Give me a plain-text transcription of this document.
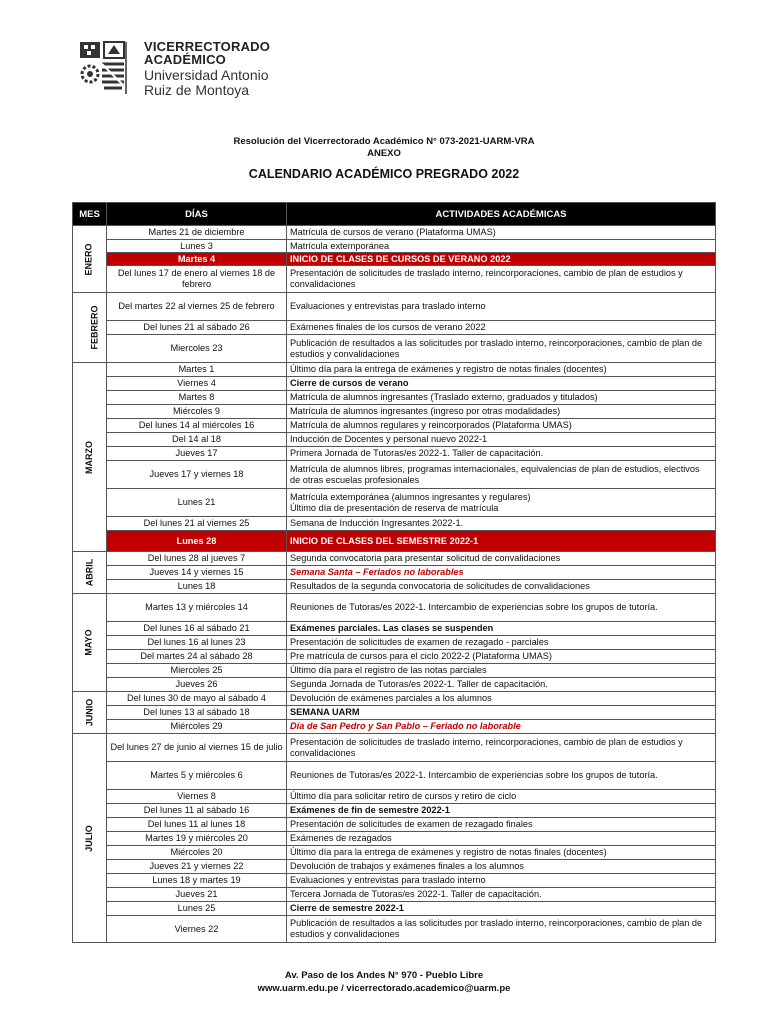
VICERRECTORADO
ACADÉMICO
Universidad Antonio
Ruiz de Montoya
Resolución del Vicerrectorado Académico N° 073-2021-UARM-VRA
ANEXO
CALENDARIO ACADÉMICO PREGRADO 2022
MES	DÍAS	ACTIVIDADES ACADÉMICAS
ENERO	Martes 21 de diciembre	Matrícula de cursos de verano (Plataforma UMAS)
	Lunes 3	Matrícula extemporánea
	Martes 4	INICIO DE CLASES DE CURSOS DE VERANO 2022
	Del lunes 17 de enero al viernes 18 de febrero	Presentación de solicitudes de traslado interno, reincorporaciones, cambio de plan de estudios y convalidaciones
FEBRERO	Del martes 22 al viernes 25 de febrero	Evaluaciones y entrevistas para traslado interno
	Del lunes 21 al sábado 26	Exámenes finales de los cursos de verano 2022
	Miercoles 23	Publicación de resultados a las solicitudes por traslado interno, reincorporaciones, cambio de plan de estudios y convalidaciones
MARZO	Martes 1	Último día para la entrega de exámenes y registro de notas finales (docentes)
	Viernes 4	Cierre de cursos de verano
	Martes 8	Matrícula de alumnos ingresantes (Traslado externo, graduados y titulados)
	Miércoles 9	Matrícula de alumnos ingresantes (ingreso por otras modalidades)
	Del lunes 14 al miércoles 16	Matrícula de alumnos regulares y reincorporados (Plataforma UMAS)
	Del 14 al 18	Inducción de Docentes y personal nuevo 2022-1
	Jueves 17	Primera Jornada de Tutoras/es 2022-1. Taller de capacitación.
	Jueves 17 y viernes 18	Matrícula de alumnos libres, programas internacionales, equivalencias de plan de estudios, electivos de otras escuelas profesionales
	Lunes 21	Matrícula extemporánea (alumnos ingresantes y regulares)
Último día de presentación de reserva de matrícula
	Del lunes 21 al viernes 25	Semana de Inducción Ingresantes 2022-1.
	Lunes 28	INICIO DE CLASES DEL SEMESTRE 2022-1
ABRIL	Del lunes 28 al jueves 7	Segunda convocatoria para presentar solicitud de convalidaciones
	Jueves 14 y viernes 15	Semana Santa – Feriados no laborables
	Lunes 18	Resultados de la segunda convocatoria de solicitudes de convalidaciones
MAYO	Martes 13 y miércoles 14	Reuniones de Tutoras/es 2022-1. Intercambio de experiencias sobre los grupos de tutoría.
	Del lunes 16 al sábado 21	Exámenes parciales. Las clases se suspenden
	Del lunes 16 al lunes 23	Presentación de solicitudes de examen de rezagado - parciales
	Del martes 24 al sábado 28	Pre matrícula de cursos para el ciclo 2022-2 (Plataforma UMAS)
	Miercoles 25	Último día para el registro de las notas parciales
	Jueves 26	Segunda Jornada de Tutoras/es 2022-1. Taller de capacitación.
JUNIO	Del lunes 30 de mayo al sábado 4	Devolución de exámenes parciales a los alumnos
	Del lunes 13 al sábado 18	SEMANA UARM
	Miércoles 29	Día de San Pedro y San Pablo – Feriado no laborable
JULIO	Del lunes 27 de junio al viernes 15 de julio	Presentación de solicitudes de traslado interno, reincorporaciones, cambio de plan de estudios y convalidaciones
	Martes 5 y miércoles 6	Reuniones de Tutoras/es 2022-1. Intercambio de experiencias sobre los grupos de tutoría.
	Viernes 8	Último día para solicitar retiro de cursos y retiro de ciclo
	Del lunes 11 al sábado 16	Exámenes de fin de semestre 2022-1
	Del lunes 11 al lunes 18	Presentación de solicitudes de examen de rezagado finales
	Martes 19 y miércoles 20	Exámenes de rezagados
	Miércoles 20	Último día para la entrega de exámenes y registro de notas finales (docentes)
	Jueves 21 y viernes 22	Devolución de trabajos y exámenes finales a los alumnos
	Lunes 18 y martes 19	Evaluaciones y entrevistas para traslado interno
	Jueves 21	Tercera Jornada de Tutoras/es 2022-1. Taller de capacitación.
	Lunes 25	Cierre de semestre 2022-1
	Viernes 22	Publicación de resultados a las solicitudes por traslado interno, reincorporaciones, cambio de plan de estudios y convalidaciones
Av. Paso de los Andes N° 970 - Pueblo Libre
www.uarm.edu.pe / vicerrectorado.academico@uarm.pe
